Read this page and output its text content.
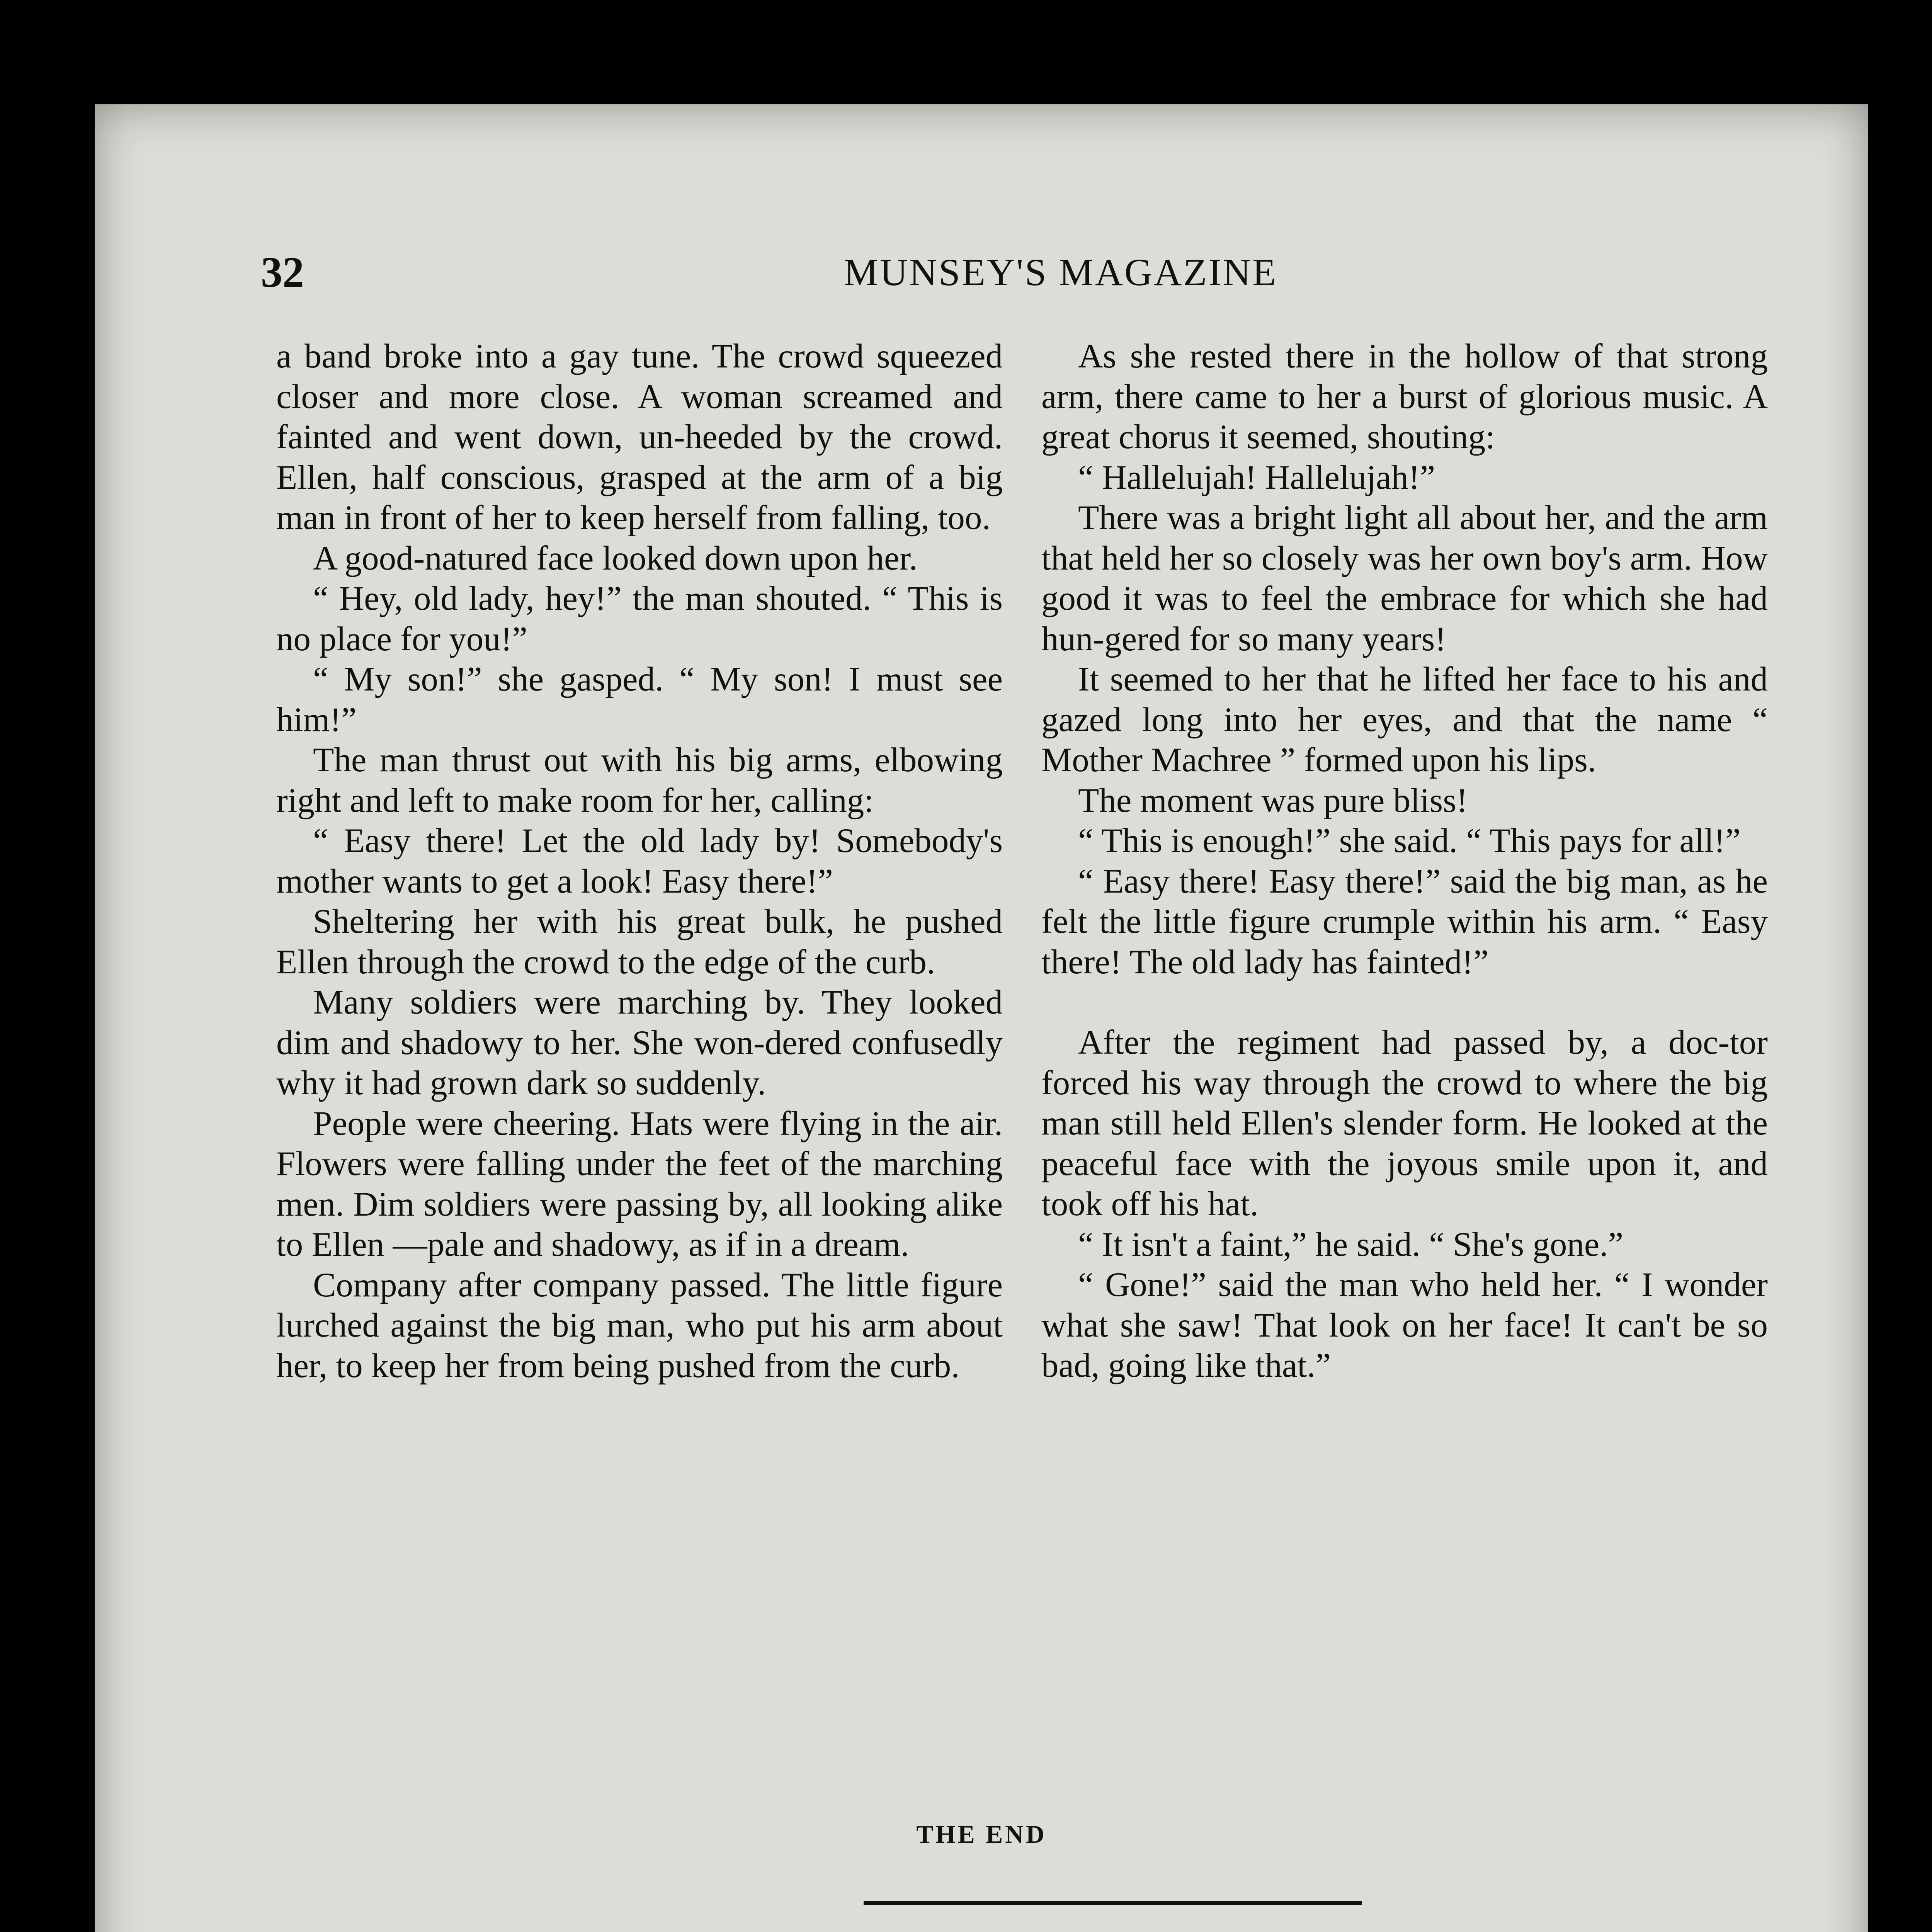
32	MUNSEY'S MAGAZINE

a band broke into a gay tune. The crowd squeezed closer and more close. A woman screamed and fainted and went down, un-heeded by the crowd. Ellen, half conscious, grasped at the arm of a big man in front of her to keep herself from falling, too.

A good-natured face looked down upon her.

“ Hey, old lady, hey!” the man shouted. “ This is no place for you!”

“ My son!” she gasped. “ My son! I must see him!”

The man thrust out with his big arms, elbowing right and left to make room for her, calling:

“ Easy there! Let the old lady by! Somebody's mother wants to get a look! Easy there!”

Sheltering her with his great bulk, he pushed Ellen through the crowd to the edge of the curb.

Many soldiers were marching by. They looked dim and shadowy to her. She won-dered confusedly why it had grown dark so suddenly.

People were cheering. Hats were flying in the air. Flowers were falling under the feet of the marching men. Dim soldiers were passing by, all looking alike to Ellen —pale and shadowy, as if in a dream.

Company after company passed. The little figure lurched against the big man, who put his arm about her, to keep her from being pushed from the curb.

As she rested there in the hollow of that strong arm, there came to her a burst of glorious music. A great chorus it seemed, shouting:

“ Hallelujah! Hallelujah!”

There was a bright light all about her, and the arm that held her so closely was her own boy's arm. How good it was to feel the embrace for which she had hun-gered for so many years!

It seemed to her that he lifted her face to his and gazed long into her eyes, and that the name “ Mother Machree ” formed upon his lips.

The moment was pure bliss!

“ This is enough!” she said. “ This pays for all!”

“ Easy there! Easy there!” said the big man, as he felt the little figure crumple within his arm. “ Easy there! The old lady has fainted!”

After the regiment had passed by, a doc-tor forced his way through the crowd to where the big man still held Ellen's slender form. He looked at the peaceful face with the joyous smile upon it, and took off his hat.

“ It isn't a faint,” he said. “ She's gone.”

“ Gone!” said the man who held her. “ I wonder what she saw! That look on her face! It can't be so bad, going like that.”

THE END
